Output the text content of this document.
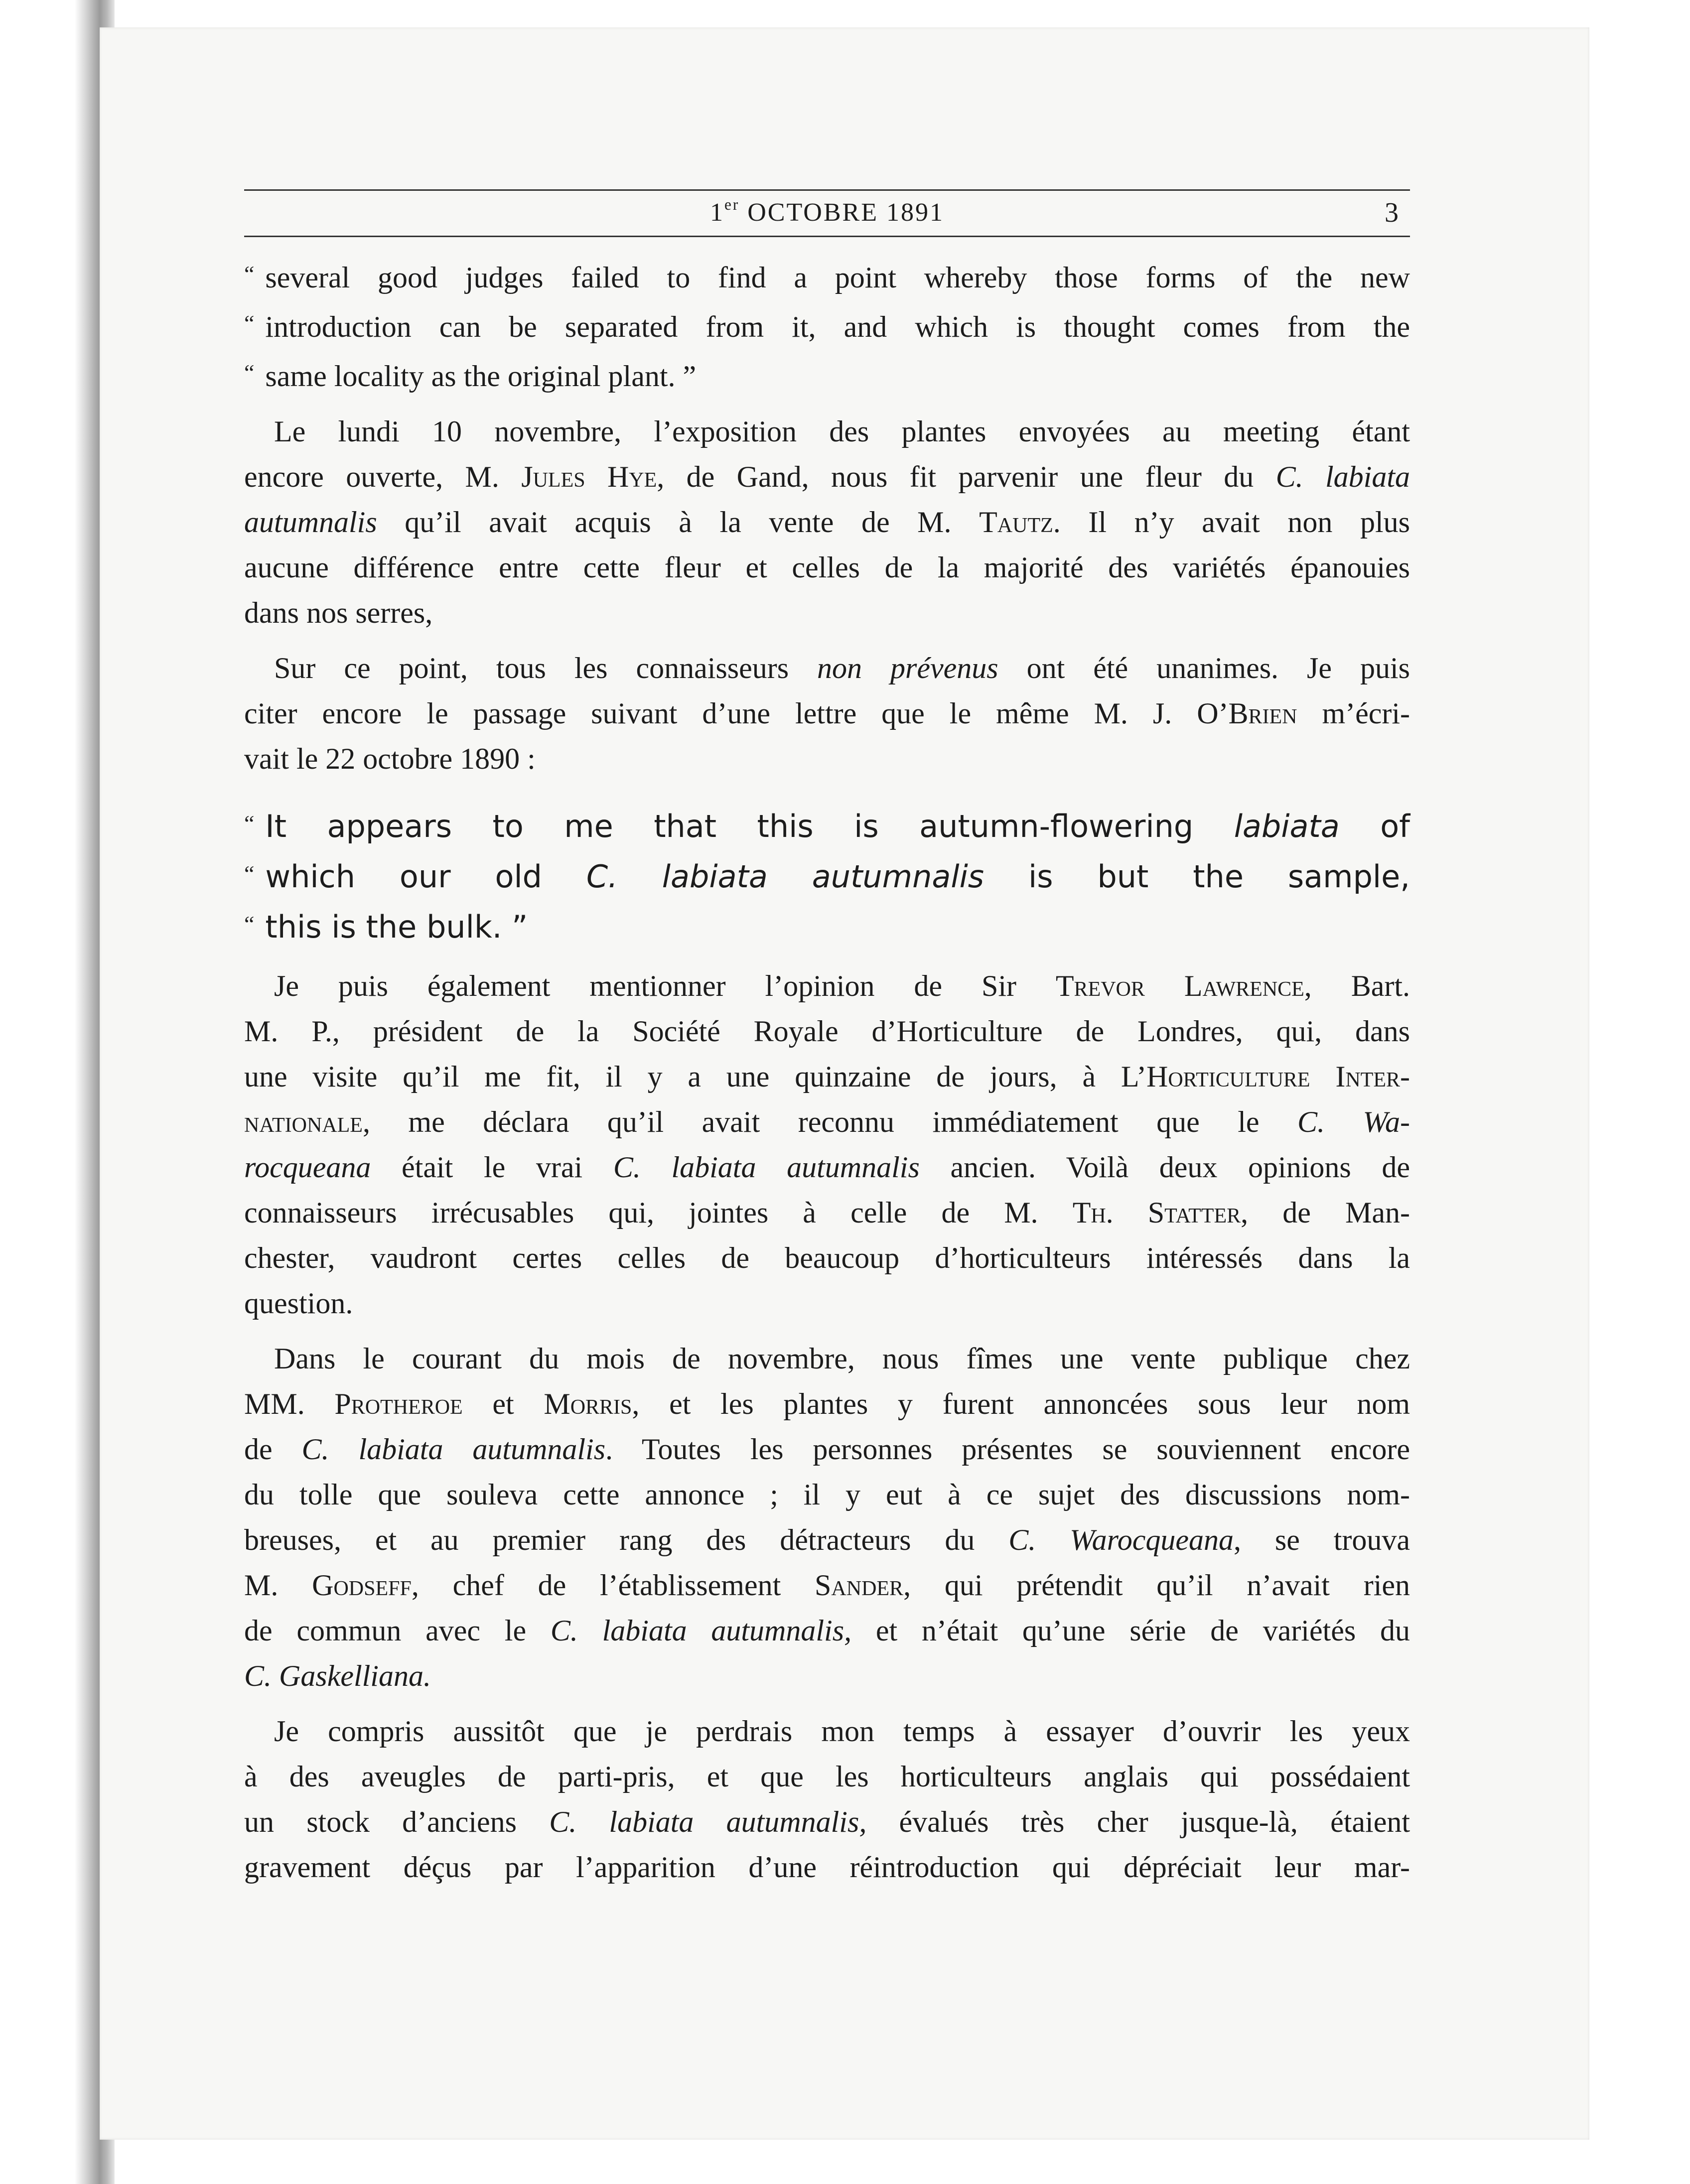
1er OCTOBRE 1891	3
“ several good judges failed to find a point whereby those forms of the new
“ introduction can be separated from it, and which is thought comes from the
“ same locality as the original plant. ”
Le lundi 10 novembre, l’exposition des plantes envoyées au meeting étant
encore ouverte, M. Jules Hye, de Gand, nous fit parvenir une fleur du C. labiata
autumnalis qu’il avait acquis à la vente de M. Tautz. Il n’y avait non plus
aucune différence entre cette fleur et celles de la majorité des variétés épanouies
dans nos serres,
Sur ce point, tous les connaisseurs non prévenus ont été unanimes. Je puis
citer encore le passage suivant d’une lettre que le même M. J. O’Brien m’écri-
vait le 22 octobre 1890 :
“ It appears to me that this is autumn-flowering labiata of
“ which our old C. labiata autumnalis is but the sample,
“ this is the bulk. ”
Je puis également mentionner l’opinion de Sir Trevor Lawrence, Bart.
M. P., président de la Société Royale d’Horticulture de Londres, qui, dans
une visite qu’il me fit, il y a une quinzaine de jours, à L’Horticulture Inter-
nationale, me déclara qu’il avait reconnu immédiatement que le C. Wa-
rocqueana était le vrai C. labiata autumnalis ancien. Voilà deux opinions de
connaisseurs irrécusables qui, jointes à celle de M. Th. Statter, de Man-
chester, vaudront certes celles de beaucoup d’horticulteurs intéressés dans la
question.
Dans le courant du mois de novembre, nous fîmes une vente publique chez
MM. Protheroe et Morris, et les plantes y furent annoncées sous leur nom
de C. labiata autumnalis. Toutes les personnes présentes se souviennent encore
du tolle que souleva cette annonce ; il y eut à ce sujet des discussions nom-
breuses, et au premier rang des détracteurs du C. Warocqueana, se trouva
M. Godseff, chef de l’établissement Sander, qui prétendit qu’il n’avait rien
de commun avec le C. labiata autumnalis, et n’était qu’une série de variétés du
C. Gaskelliana.
Je compris aussitôt que je perdrais mon temps à essayer d’ouvrir les yeux
à des aveugles de parti-pris, et que les horticulteurs anglais qui possédaient
un stock d’anciens C. labiata autumnalis, évalués très cher jusque-là, étaient
gravement déçus par l’apparition d’une réintroduction qui dépréciait leur mar-
